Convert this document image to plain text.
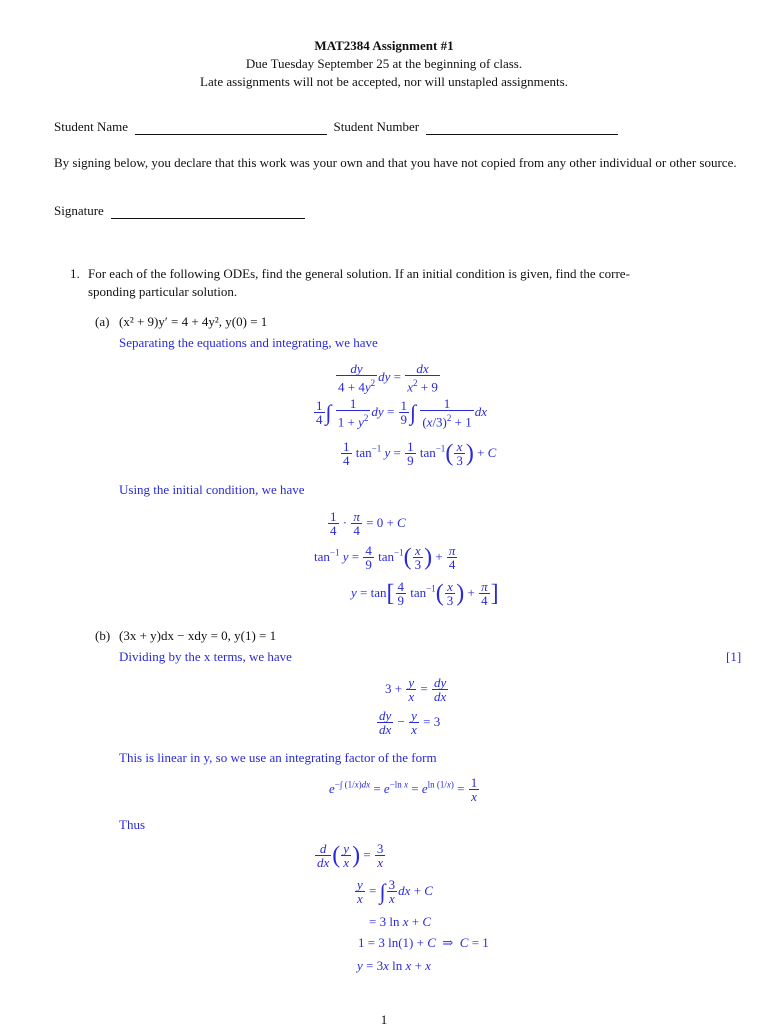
MAT2384 Assignment #1
Due Tuesday September 25 at the beginning of class.
Late assignments will not be accepted, nor will unstapled assignments.
Student Name	Student Number
By signing below, you declare that this work was your own and that you have not copied from any other individual or other source.
Signature
1. For each of the following ODEs, find the general solution. If an initial condition is given, find the corre-
sponding particular solution.
(a) (x² + 9)y′ = 4 + 4y², y(0) = 1
Separating the equations and integrating, we have
$\frac{dy}{4 + 4y^2}$ dy = $\frac{dx}{x^2 + 9}$
$\frac{1}{4}$ ∫ $\frac{1}{1 + y^2}$ dy = $\frac{1}{9}$ ∫ $\frac{1}{(x/3)^2 + 1}$ dx
$\frac{1}{4} \tan^{-1} y = \frac{1}{9} \tan^{-1}( \frac{x}{3}$ ) + C
Using the initial condition, we have
$\frac{1}{4} \cdot \frac{\pi}{4} = 0 + C$
$\tan^{-1} y = \frac{4}{9} \tan^{-1}( \frac{x}{3}$ ) + $\frac{\pi}{4}$
$y = \tan[ \frac{4}{9} \tan^{-1}( \frac{x}{3}$ ) + $\frac{\pi}{4}$ ]
(b) (3x + y)dx − xdy = 0, y(1) = 1
Dividing by the x terms, we have	[1]
$3 + \frac{y}{x} = \frac{dy}{dx}$
$\frac{dy}{dx} - \frac{y}{x} = 3$
This is linear in y, so we use an integrating factor of the form
$e^{-\int (1/x)dx} = e^{-ln x} = e^{ln (1/x)} = \frac{1}{x}$
Thus
$\frac{d}{dx}$ ( $\frac{y}{x}$ ) = $\frac{3}{x}$
$\frac{y}{x}$ = ∫ $\frac{3}{x}$ dx + C
= 3 ln x + C
1 = 3 ln(1) + C  ⇒  C = 1
y = 3x ln x + x
1
